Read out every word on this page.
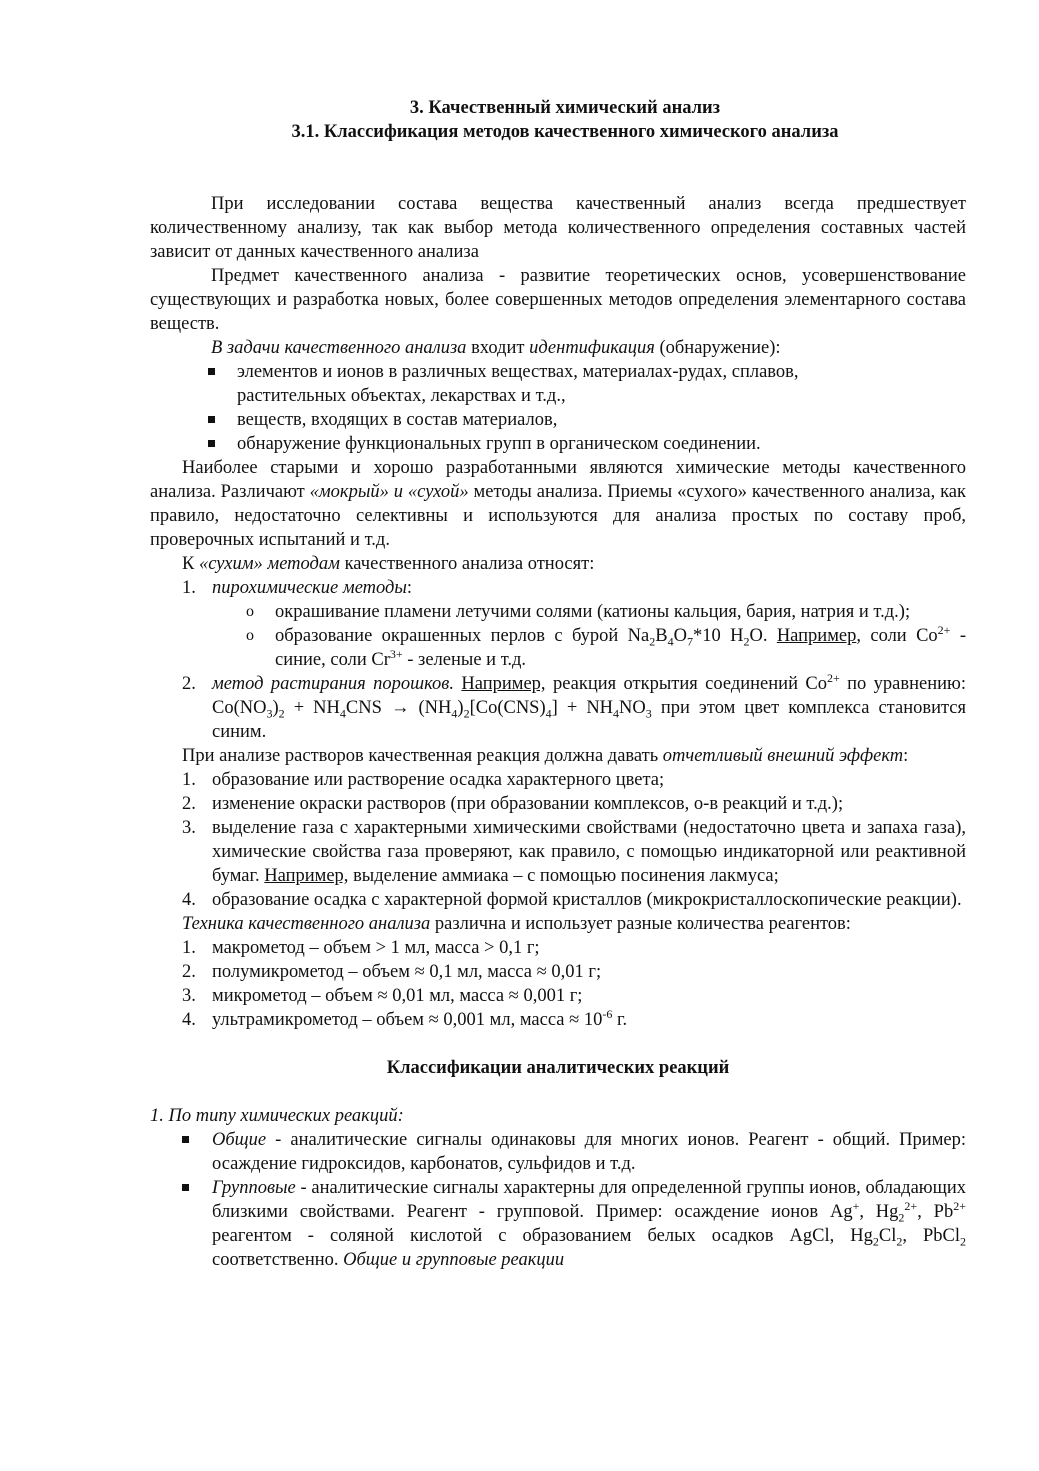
3. Качественный химический анализ

3.1. Классификация методов качественного химического анализа

При исследовании состава вещества качественный анализ всегда предшествует количественному анализу, так как выбор метода количественного определения составных частей зависит от данных качественного анализа

Предмет качественного анализа - развитие теоретических основ, усовершенствование существующих и разработка новых, более совершенных методов определения элементарного состава веществ.

В задачи качественного анализа входит идентификация (обнаружение):

элементов и ионов в различных веществах, материалах-рудах, сплавов, растительных объектах, лекарствах и т.д.,
веществ, входящих в состав материалов,
обнаружение функциональных групп в органическом соединении.

Наиболее старыми и хорошо разработанными являются химические методы качественного анализа. Различают «мокрый» и «сухой» методы анализа. Приемы «сухого» качественного анализа, как правило, недостаточно селективны и используются для анализа простых по составу проб, проверочных испытаний и т.д.

К «сухим» методам качественного анализа относят:

1. пирохимические методы:
o окрашивание пламени летучими солями (катионы кальция, бария, натрия и т.д.);
o образование окрашенных перлов с бурой $Na_2B_4O_7*10$ $H_2O$. Например, соли $Co^{2+}$ - синие, соли $Cr^{3+}$ - зеленые и т.д.
2. метод растирания порошков. Например, реакция открытия соединений $Co^{2+}$ по уравнению: $Co(NO_3)_2 + NH_4CNS \to (NH_4)_2[Co(CNS)_4] + NH_4NO_3$ при этом цвет комплекса становится синим.

При анализе растворов качественная реакция должна давать отчетливый внешний эффект:

1. образование или растворение осадка характерного цвета;
2. изменение окраски растворов (при образовании комплексов, о-в реакций и т.д.);
3. выделение газа с характерными химическими свойствами (недостаточно цвета и запаха газа), химические свойства газа проверяют, как правило, с помощью индикаторной или реактивной бумаг. Например, выделение аммиака – с помощью посинения лакмуса;
4. образование осадка с характерной формой кристаллов (микрокристаллоскопические реакции).

Техника качественного анализа различна и использует разные количества реагентов:

1. макрометод – объем > 1 мл, масса > 0,1 г;
2. полумикрометод – объем ≈ 0,1 мл, масса ≈ 0,01 г;
3. микрометод – объем ≈ 0,01 мл, масса ≈ 0,001 г;
4. ультрамикрометод – объем ≈ 0,001 мл, масса ≈ $10^{-6}$ г.

Классификации аналитических реакций

1. По типу химических реакций:

Общие - аналитические сигналы одинаковы для многих ионов. Реагент - общий. Пример: осаждение гидроксидов, карбонатов, сульфидов и т.д.
Групповые - аналитические сигналы характерны для определенной группы ионов, обладающих близкими свойствами. Реагент - групповой. Пример: осаждение ионов Ag+, $Hg_2^{2+}$, $Pb^{2+}$ реагентом - соляной кислотой с образованием белых осадков AgCl, $Hg_2Cl_2$, PbCl$_2$ соответственно. Общие и групповые реакции
